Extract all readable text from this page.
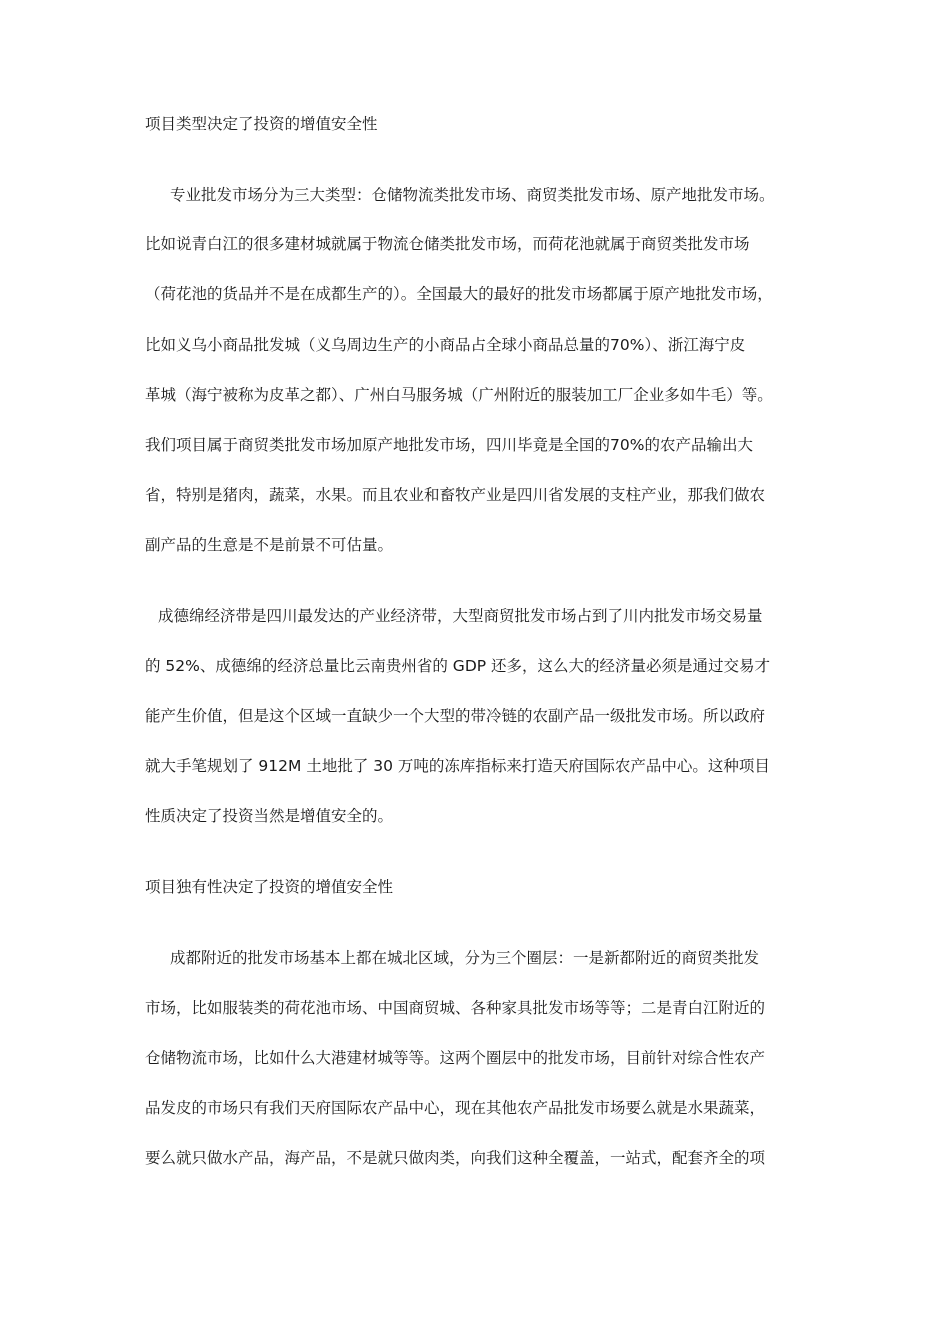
项目类型决定了投资的增值安全性
专业批发市场分为三大类型：仓储物流类批发市场、商贸类批发市场、原产地批发市场。
比如说青白江的很多建材城就属于物流仓储类批发市场，而荷花池就属于商贸类批发市场
（荷花池的货品并不是在成都生产的）。全国最大的最好的批发市场都属于原产地批发市场，
比如义乌小商品批发城（义乌周边生产的小商品占全球小商品总量的70%）、浙江海宁皮
革城（海宁被称为皮革之都）、广州白马服务城（广州附近的服装加工厂企业多如牛毛）等。
我们项目属于商贸类批发市场加原产地批发市场，四川毕竟是全国的70%的农产品输出大
省，特别是猪肉，蔬菜，水果。而且农业和畜牧产业是四川省发展的支柱产业，那我们做农
副产品的生意是不是前景不可估量。
成德绵经济带是四川最发达的产业经济带，大型商贸批发市场占到了川内批发市场交易量
的 52%、成德绵的经济总量比云南贵州省的 GDP 还多，这么大的经济量必须是通过交易才
能产生价值，但是这个区域一直缺少一个大型的带冷链的农副产品一级批发市场。所以政府
就大手笔规划了 912M 土地批了 30 万吨的冻库指标来打造天府国际农产品中心。这种项目
性质决定了投资当然是增值安全的。
项目独有性决定了投资的增值安全性
成都附近的批发市场基本上都在城北区域，分为三个圈层：一是新都附近的商贸类批发
市场，比如服装类的荷花池市场、中国商贸城、各种家具批发市场等等；二是青白江附近的
仓储物流市场，比如什么大港建材城等等。这两个圈层中的批发市场，目前针对综合性农产
品发皮的市场只有我们天府国际农产品中心，现在其他农产品批发市场要么就是水果蔬菜，
要么就只做水产品，海产品，不是就只做肉类，向我们这种全覆盖，一站式，配套齐全的项
